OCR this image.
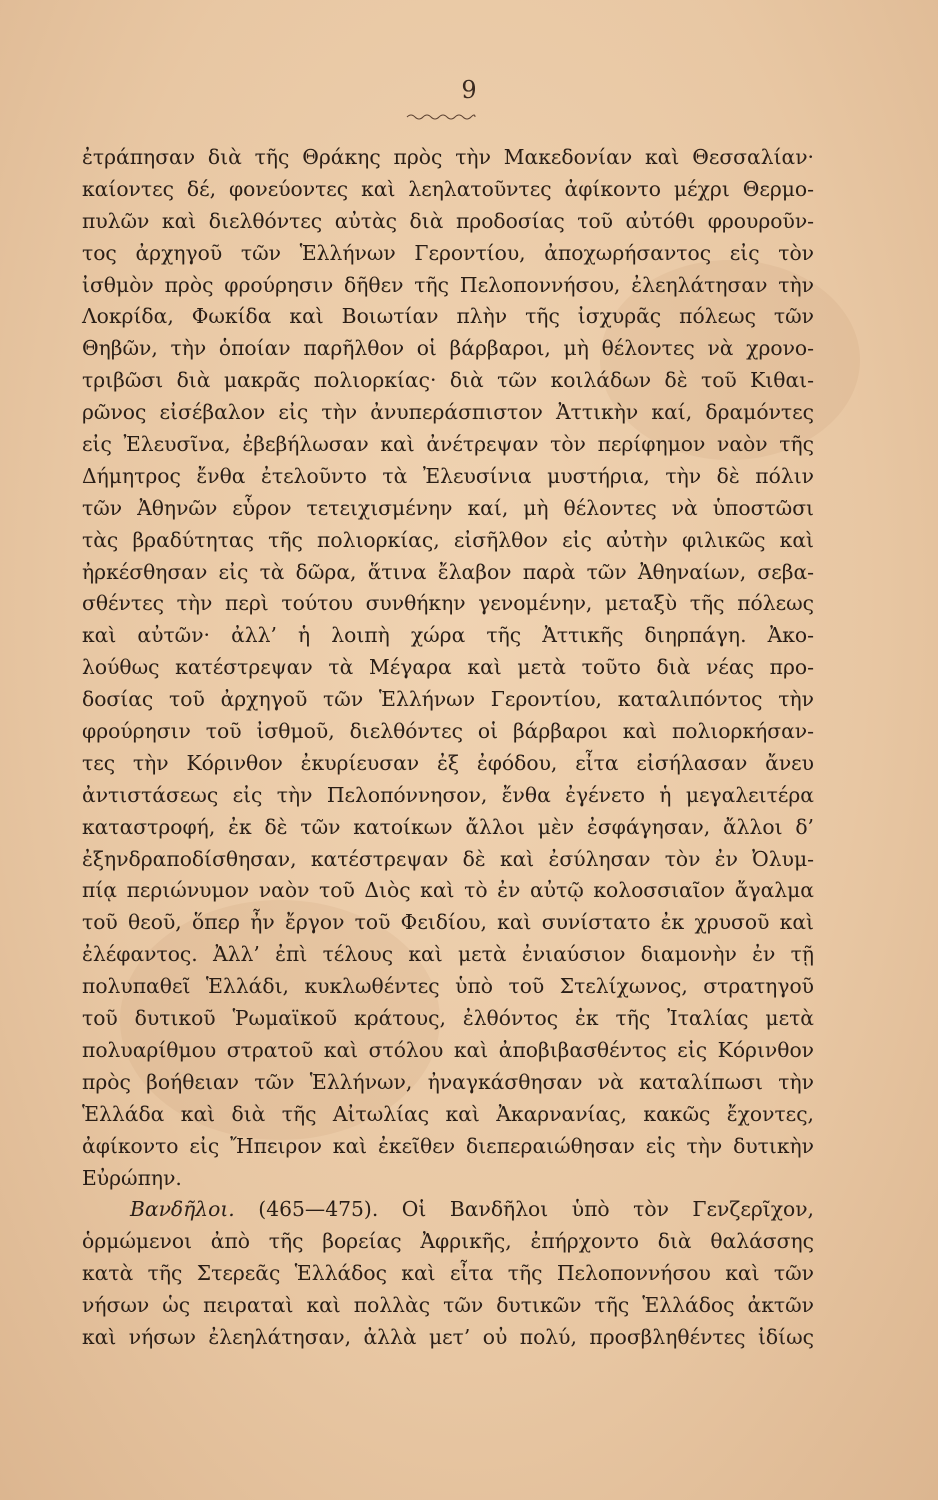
9
ἐτράπησαν διὰ τῆς Θράκης πρὸς τὴν Μακεδονίαν καὶ Θεσσαλίαν·
καίοντες δέ, φονεύοντες καὶ λεηλατοῦντες ἀφίκοντο μέχρι Θερμο-
πυλῶν καὶ διελθόντες αὐτὰς διὰ προδοσίας τοῦ αὐτόθι φρουροῦν-
τος ἀρχηγοῦ τῶν Ἑλλήνων Γεροντίου, ἀποχωρήσαντος εἰς τὸν
ἰσθμὸν πρὸς φρούρησιν δῆθεν τῆς Πελοποννήσου, ἐλεηλάτησαν τὴν
Λοκρίδα, Φωκίδα καὶ Βοιωτίαν πλὴν τῆς ἰσχυρᾶς πόλεως τῶν
Θηβῶν, τὴν ὁποίαν παρῆλθον οἱ βάρβαροι, μὴ θέλοντες νὰ χρονο-
τριβῶσι διὰ μακρᾶς πολιορκίας· διὰ τῶν κοιλάδων δὲ τοῦ Κιθαι-
ρῶνος εἰσέβαλον εἰς τὴν ἀνυπεράσπιστον Ἀττικὴν καί, δραμόντες
εἰς Ἐλευσῖνα, ἐβεβήλωσαν καὶ ἀνέτρεψαν τὸν περίφημον ναὸν τῆς
Δήμητρος ἔνθα ἐτελοῦντο τὰ Ἐλευσίνια μυστήρια, τὴν δὲ πόλιν
τῶν Ἀθηνῶν εὗρον τετειχισμένην καί, μὴ θέλοντες νὰ ὑποστῶσι
τὰς βραδύτητας τῆς πολιορκίας, εἰσῆλθον εἰς αὐτὴν φιλικῶς καὶ
ἠρκέσθησαν εἰς τὰ δῶρα, ἅτινα ἔλαβον παρὰ τῶν Ἀθηναίων, σεβα-
σθέντες τὴν περὶ τούτου συνθήκην γενομένην, μεταξὺ τῆς πόλεως
καὶ αὐτῶν· ἀλλ’ ἡ λοιπὴ χώρα τῆς Ἀττικῆς διηρπάγη. Ἀκο-
λούθως κατέστρεψαν τὰ Μέγαρα καὶ μετὰ τοῦτο διὰ νέας προ-
δοσίας τοῦ ἀρχηγοῦ τῶν Ἑλλήνων Γεροντίου, καταλιπόντος τὴν
φρούρησιν τοῦ ἰσθμοῦ, διελθόντες οἱ βάρβαροι καὶ πολιορκήσαν-
τες τὴν Κόρινθον ἐκυρίευσαν ἐξ ἐφόδου, εἶτα εἰσήλασαν ἄνευ
ἀντιστάσεως εἰς τὴν Πελοπόννησον, ἔνθα ἐγένετο ἡ μεγαλειτέρα
καταστροφή, ἐκ δὲ τῶν κατοίκων ἄλλοι μὲν ἐσφάγησαν, ἄλλοι δ’
ἐξηνδραποδίσθησαν, κατέστρεψαν δὲ καὶ ἐσύλησαν τὸν ἐν Ὀλυμ-
πίᾳ περιώνυμον ναὸν τοῦ Διὸς καὶ τὸ ἐν αὐτῷ κολοσσιαῖον ἄγαλμα
τοῦ θεοῦ, ὅπερ ἦν ἔργον τοῦ Φειδίου, καὶ συνίστατο ἐκ χρυσοῦ καὶ
ἐλέφαντος. Ἀλλ’ ἐπὶ τέλους καὶ μετὰ ἐνιαύσιον διαμονὴν ἐν τῇ
πολυπαθεῖ Ἑλλάδι, κυκλωθέντες ὑπὸ τοῦ Στελίχωνος, στρατηγοῦ
τοῦ δυτικοῦ Ῥωμαϊκοῦ κράτους, ἐλθόντος ἐκ τῆς Ἰταλίας μετὰ
πολυαρίθμου στρατοῦ καὶ στόλου καὶ ἀποβιβασθέντος εἰς Κόρινθον
πρὸς βοήθειαν τῶν Ἑλλήνων, ἠναγκάσθησαν νὰ καταλίπωσι τὴν
Ἑλλάδα καὶ διὰ τῆς Αἰτωλίας καὶ Ἀκαρνανίας, κακῶς ἔχοντες,
ἀφίκοντο εἰς Ἤπειρον καὶ ἐκεῖθεν διεπεραιώθησαν εἰς τὴν δυτικὴν
Εὐρώπην.
Βανδῆλοι. (465—475). Οἱ Βανδῆλοι ὑπὸ τὸν Γενζερῖχον,
ὁρμώμενοι ἀπὸ τῆς βορείας Ἀφρικῆς, ἐπήρχοντο διὰ θαλάσσης
κατὰ τῆς Στερεᾶς Ἑλλάδος καὶ εἶτα τῆς Πελοποννήσου καὶ τῶν
νήσων ὡς πειραταὶ καὶ πολλὰς τῶν δυτικῶν τῆς Ἑλλάδος ἀκτῶν
καὶ νήσων ἐλεηλάτησαν, ἀλλὰ μετ’ οὐ πολύ, προσβληθέντες ἰδίως
